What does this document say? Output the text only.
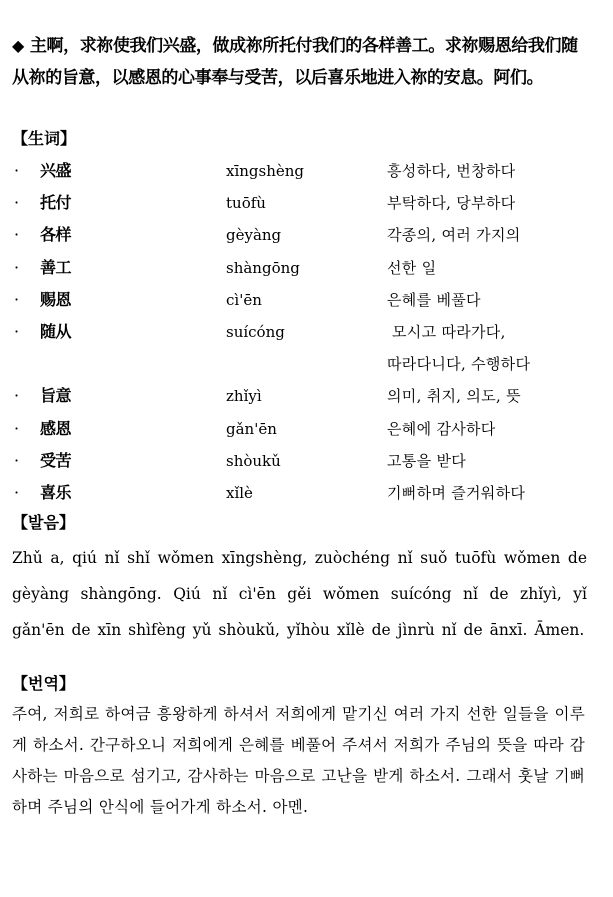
◆ 主啊，求祢使我们兴盛，做成祢所托付我们的各样善工。求祢赐恩给我们随从祢的旨意，以感恩的心事奉与受苦，以后喜乐地进入祢的安息。阿们。
【生词】
· 兴盛	xīngshèng	흥성하다, 번창하다
· 托付	tuōfù	부탁하다, 당부하다
· 各样	gèyàng	각종의, 여러 가지의
· 善工	shàngōng	선한 일
· 赐恩	cì'ēn	은혜를 베풀다
· 随从	suícóng	모시고 따라가다,
따라다니다, 수행하다
· 旨意	zhǐyì	의미, 취지, 의도, 뜻
· 感恩	gǎn'ēn	은혜에 감사하다
· 受苦	shòukǔ	고통을 받다
· 喜乐	xǐlè	기뻐하며 즐거워하다
【발음】
Zhǔ a, qiú nǐ shǐ wǒmen xīngshèng, zuòchéng nǐ suǒ tuōfù wǒmen de gèyàng shàngōng. Qiú nǐ cì'ēn gěi wǒmen suícóng nǐ de zhǐyì, yǐ gǎn'ēn de xīn shìfèng yǔ shòukǔ, yǐhòu xǐlè de jìnrù nǐ de ānxī. Āmen.
【번역】
주여, 저희로 하여금 흥왕하게 하셔서 저희에게 맡기신 여러 가지 선한 일들을 이루게 하소서. 간구하오니 저희에게 은혜를 베풀어 주셔서 저희가 주님의 뜻을 따라 감사하는 마음으로 섬기고, 감사하는 마음으로 고난을 받게 하소서. 그래서 훗날 기뻐하며 주님의 안식에 들어가게 하소서. 아멘.
